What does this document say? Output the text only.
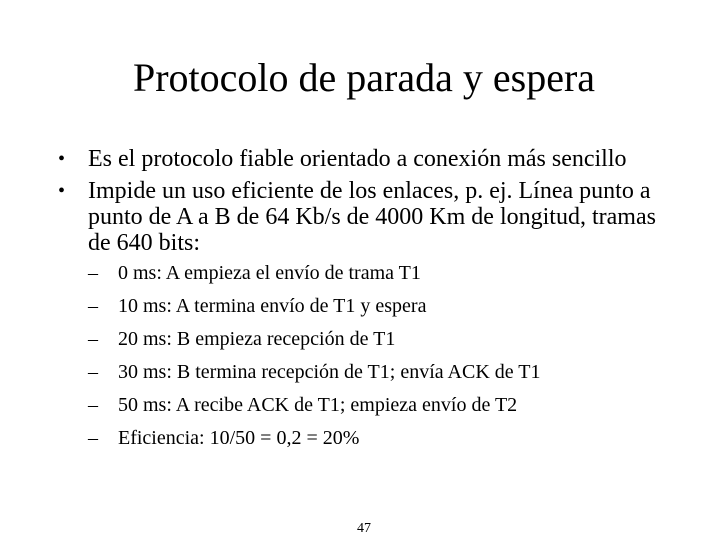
Protocolo de parada y espera
• Es el protocolo fiable orientado a conexión más sencillo
• Impide un uso eficiente de los enlaces, p. ej. Línea punto a punto de A a B de 64 Kb/s de 4000 Km de longitud, tramas de 640 bits:
– 0 ms: A empieza el envío de trama T1
– 10 ms: A termina envío de T1 y espera
– 20 ms: B empieza recepción de T1
– 30 ms: B termina recepción de T1; envía ACK de T1
– 50 ms: A recibe ACK de T1; empieza envío de T2
– Eficiencia: 10/50 = 0,2 = 20%
47
